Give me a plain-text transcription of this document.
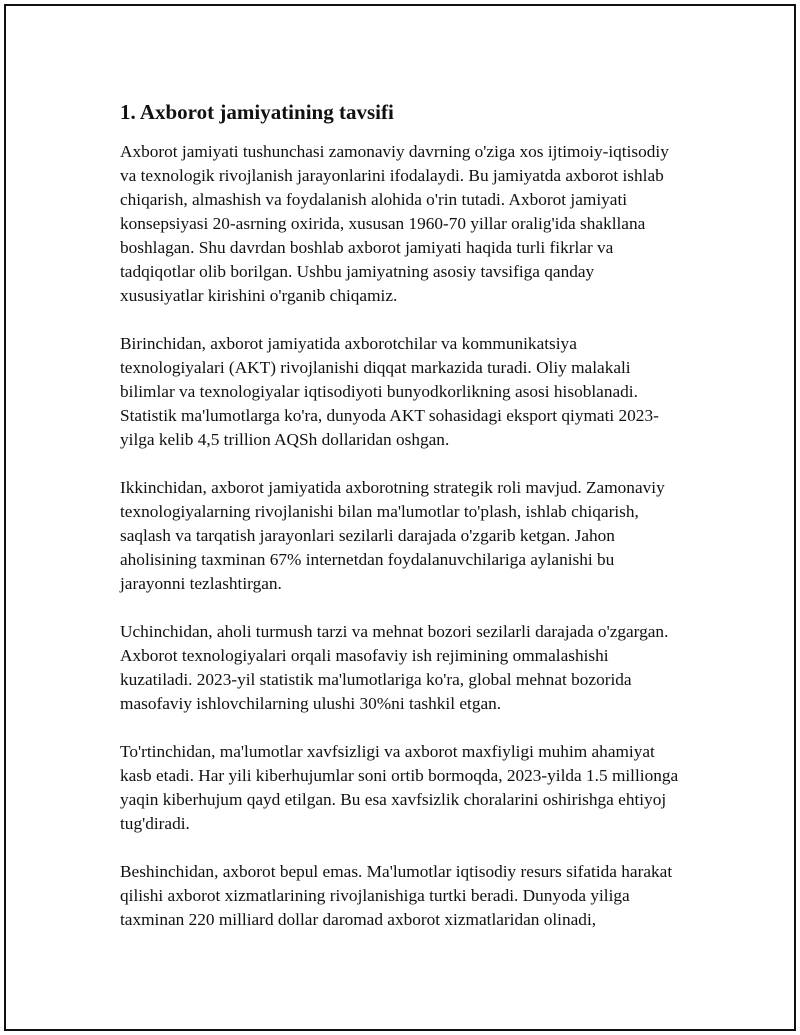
1. Axborot jamiyatining tavsifi

Axborot jamiyati tushunchasi zamonaviy davrning o'ziga xos ijtimoiy-iqtisodiy va texnologik rivojlanish jarayonlarini ifodalaydi. Bu jamiyatda axborot ishlab chiqarish, almashish va foydalanish alohida o'rin tutadi. Axborot jamiyati konsepsiyasi 20-asrning oxirida, xususan 1960-70 yillar oralig'ida shakllana boshlagan. Shu davrdan boshlab axborot jamiyati haqida turli fikrlar va tadqiqotlar olib borilgan. Ushbu jamiyatning asosiy tavsifiga qanday xususiyatlar kirishini o'rganib chiqamiz.

Birinchidan, axborot jamiyatida axborotchilar va kommunikatsiya texnologiyalari (AKT) rivojlanishi diqqat markazida turadi. Oliy malakali bilimlar va texnologiyalar iqtisodiyoti bunyodkorlikning asosi hisoblanadi. Statistik ma'lumotlarga ko'ra, dunyoda AKT sohasidagi eksport qiymati 2023-yilga kelib 4,5 trillion AQSh dollaridan oshgan.

Ikkinchidan, axborot jamiyatida axborotning strategik roli mavjud. Zamonaviy texnologiyalarning rivojlanishi bilan ma'lumotlar to'plash, ishlab chiqarish, saqlash va tarqatish jarayonlari sezilarli darajada o'zgarib ketgan. Jahon aholisining taxminan 67% internetdan foydalanuvchilariga aylanishi bu jarayonni tezlashtirgan.

Uchinchidan, aholi turmush tarzi va mehnat bozori sezilarli darajada o'zgargan. Axborot texnologiyalari orqali masofaviy ish rejimining ommalashishi kuzatiladi. 2023-yil statistik ma'lumotlariga ko'ra, global mehnat bozorida masofaviy ishlovchilarning ulushi 30%ni tashkil etgan.

To'rtinchidan, ma'lumotlar xavfsizligi va axborot maxfiyligi muhim ahamiyat kasb etadi. Har yili kiberhujumlar soni ortib bormoqda, 2023-yilda 1.5 millionga yaqin kiberhujum qayd etilgan. Bu esa xavfsizlik choralarini oshirishga ehtiyoj tug'diradi.

Beshinchidan, axborot bepul emas. Ma'lumotlar iqtisodiy resurs sifatida harakat qilishi axborot xizmatlarining rivojlanishiga turtki beradi. Dunyoda yiliga taxminan 220 milliard dollar daromad axborot xizmatlaridan olinadi,
